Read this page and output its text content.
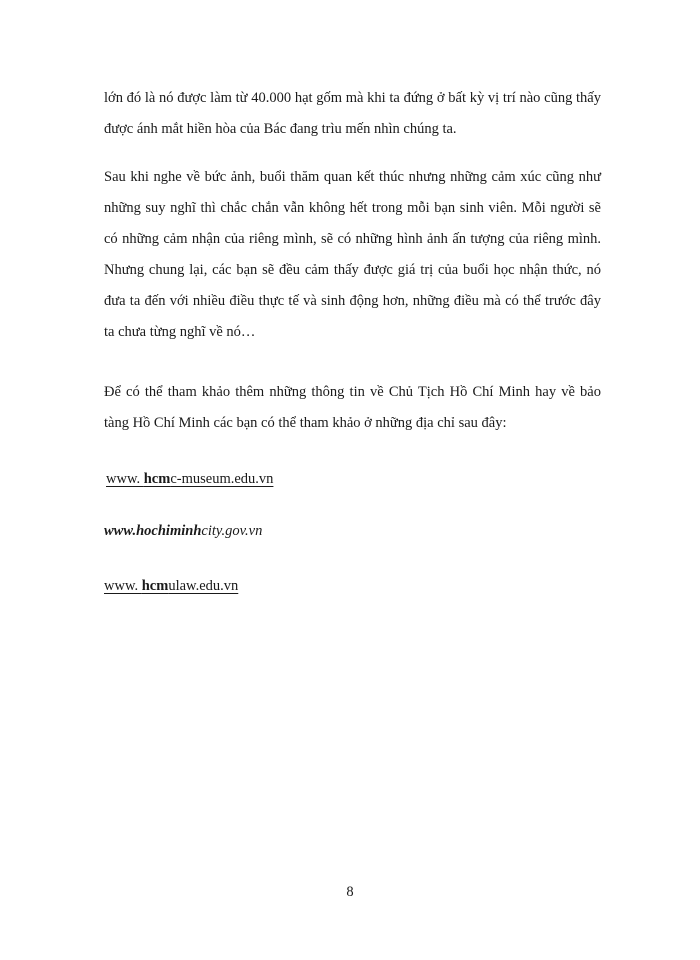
lớn đó là nó được làm từ 40.000 hạt gốm mà khi ta đứng ở bất kỳ vị trí nào cũng thấy được ánh mắt hiền hòa của Bác đang trìu mến nhìn chúng ta.

Sau khi nghe về bức ảnh, buổi thăm quan kết thúc nhưng những cảm xúc cũng như những suy nghĩ thì chắc chắn vẫn không hết trong mỗi bạn sinh viên. Mỗi người sẽ có những cảm nhận của riêng mình, sẽ có những hình ảnh ấn tượng của riêng mình. Nhưng chung lại, các bạn sẽ đều cảm thấy được giá trị của buổi học nhận thức, nó đưa ta đến với nhiều điều thực tế và sinh động hơn, những điều mà có thể trước đây ta chưa từng nghĩ về nó…

Để có thể tham khảo thêm những thông tin về Chủ Tịch Hồ Chí Minh hay về bảo tàng Hồ Chí Minh các bạn có thể tham khảo ở những địa chỉ sau đây:

www. hcmc-museum.edu.vn
www.hochiminhcity.gov.vn
www. hcmulaw.edu.vn
8
